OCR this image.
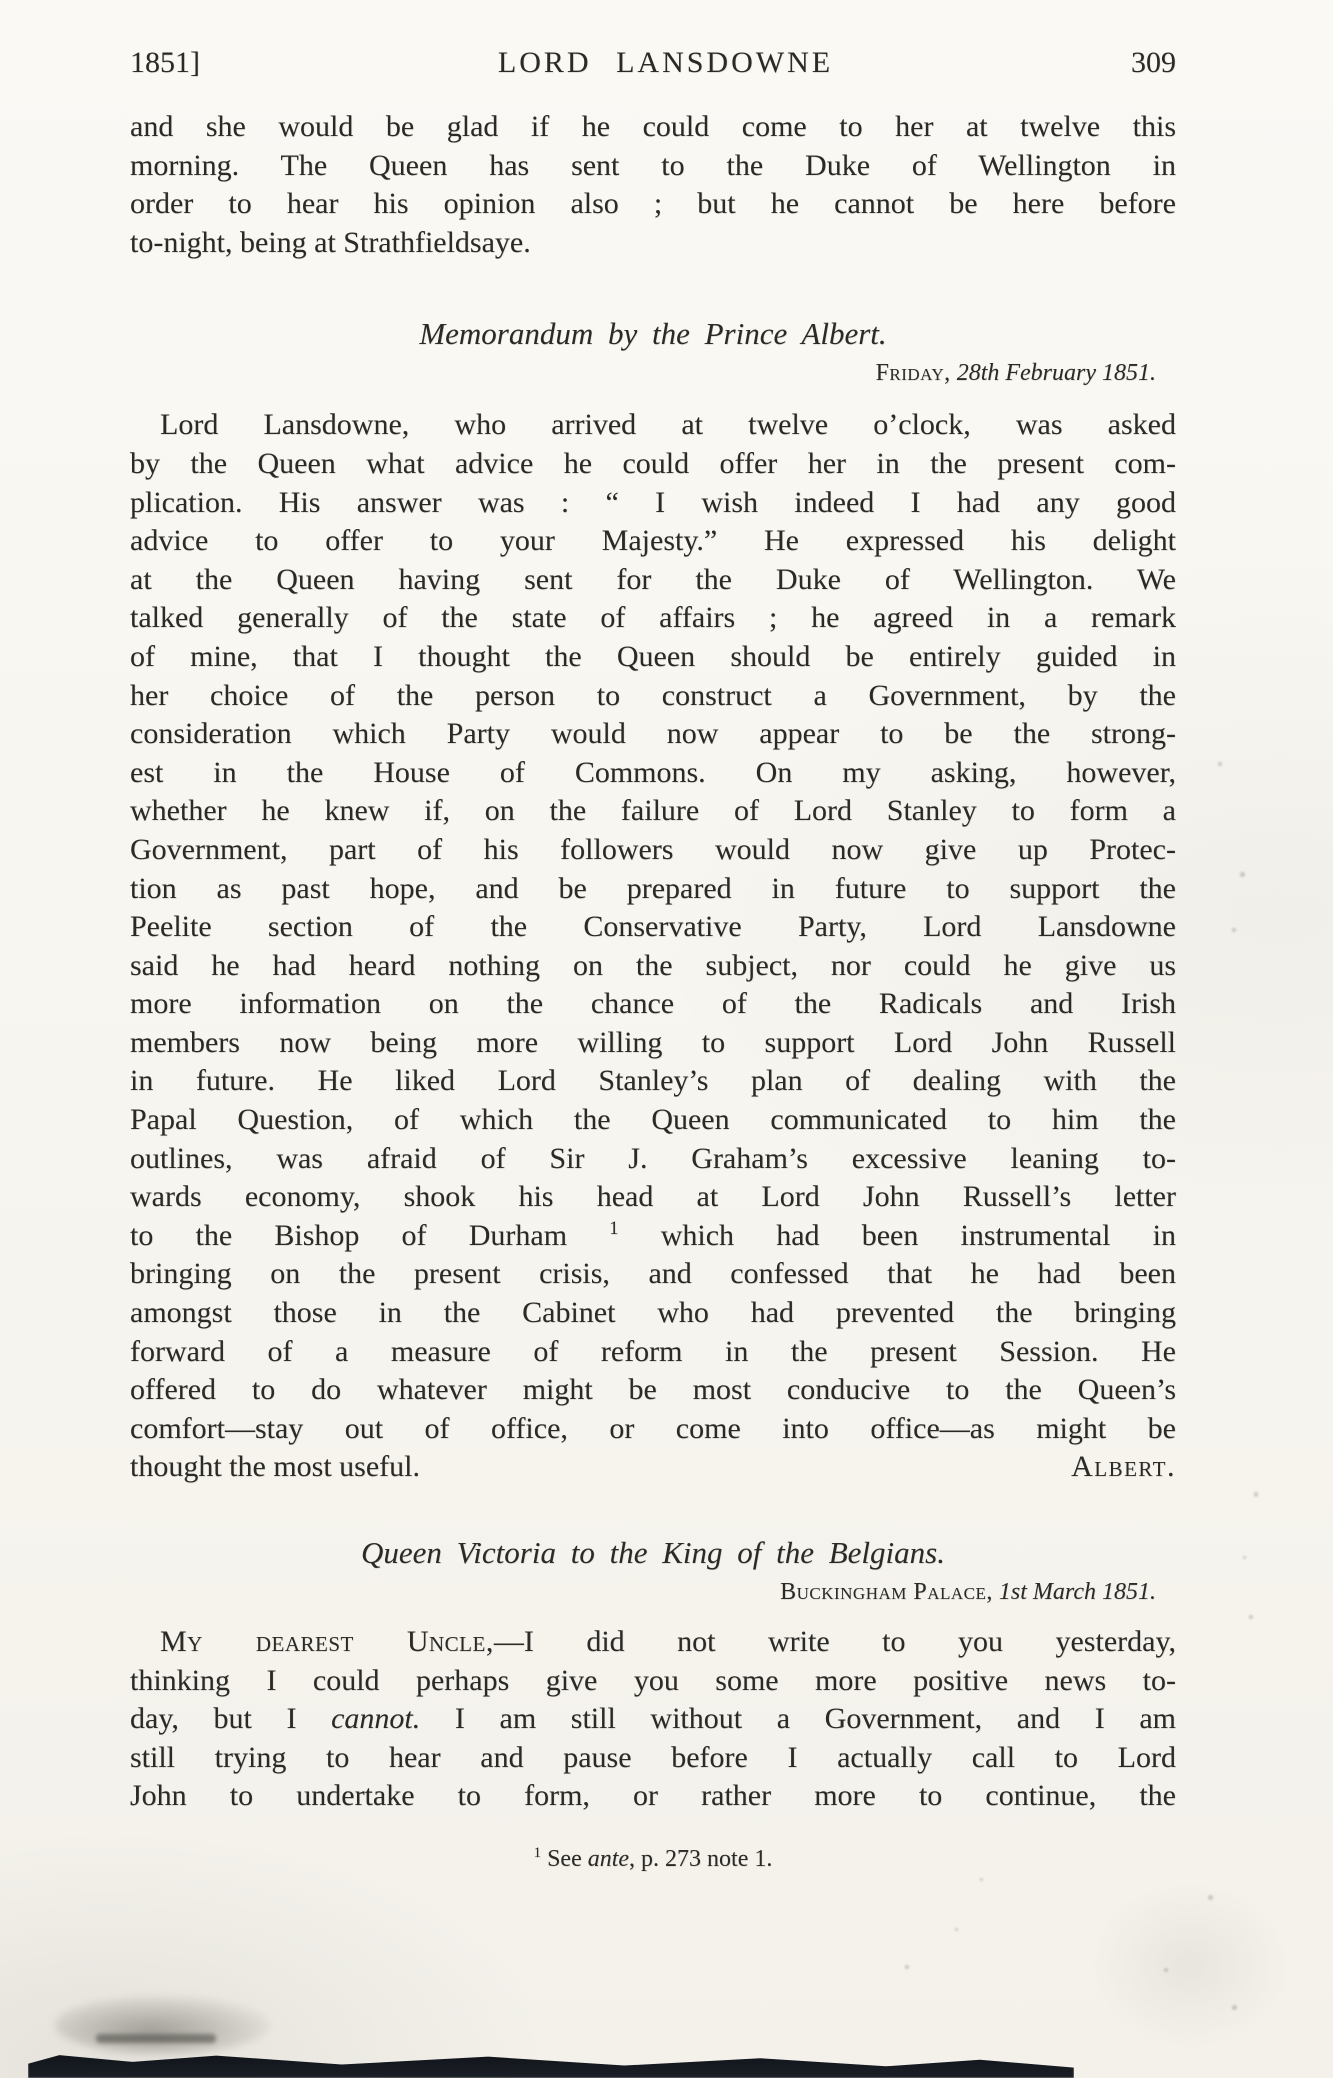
1851]	LORD LANSDOWNE	309
and she would be glad if he could come to her at twelve this
morning. The Queen has sent to the Duke of Wellington in
order to hear his opinion also ; but he cannot be here before
to-night, being at Strathfieldsaye.
Memorandum by the Prince Albert.
Friday, 28th February 1851.
Lord Lansdowne, who arrived at twelve o’clock, was asked
by the Queen what advice he could offer her in the present com-
plication. His answer was : “ I wish indeed I had any good
advice to offer to your Majesty.” He expressed his delight
at the Queen having sent for the Duke of Wellington. We
talked generally of the state of affairs ; he agreed in a remark
of mine, that I thought the Queen should be entirely guided in
her choice of the person to construct a Government, by the
consideration which Party would now appear to be the strong-
est in the House of Commons. On my asking, however,
whether he knew if, on the failure of Lord Stanley to form a
Government, part of his followers would now give up Protec-
tion as past hope, and be prepared in future to support the
Peelite section of the Conservative Party, Lord Lansdowne
said he had heard nothing on the subject, nor could he give us
more information on the chance of the Radicals and Irish
members now being more willing to support Lord John Russell
in future. He liked Lord Stanley’s plan of dealing with the
Papal Question, of which the Queen communicated to him the
outlines, was afraid of Sir J. Graham’s excessive leaning to-
wards economy, shook his head at Lord John Russell’s letter
to the Bishop of Durham $^1$ which had been instrumental in
bringing on the present crisis, and confessed that he had been
amongst those in the Cabinet who had prevented the bringing
forward of a measure of reform in the present Session. He
offered to do whatever might be most conducive to the Queen’s
comfort—stay out of office, or come into office—as might be
thought the most useful.	Albert.
Queen Victoria to the King of the Belgians.
Buckingham Palace, 1st March 1851.
My dearest Uncle,—I did not write to you yesterday,
thinking I could perhaps give you some more positive news to-
day, but I cannot. I am still without a Government, and I am
still trying to hear and pause before I actually call to Lord
John to undertake to form, or rather more to continue, the
$^1$ See ante, p. 273 note 1.
